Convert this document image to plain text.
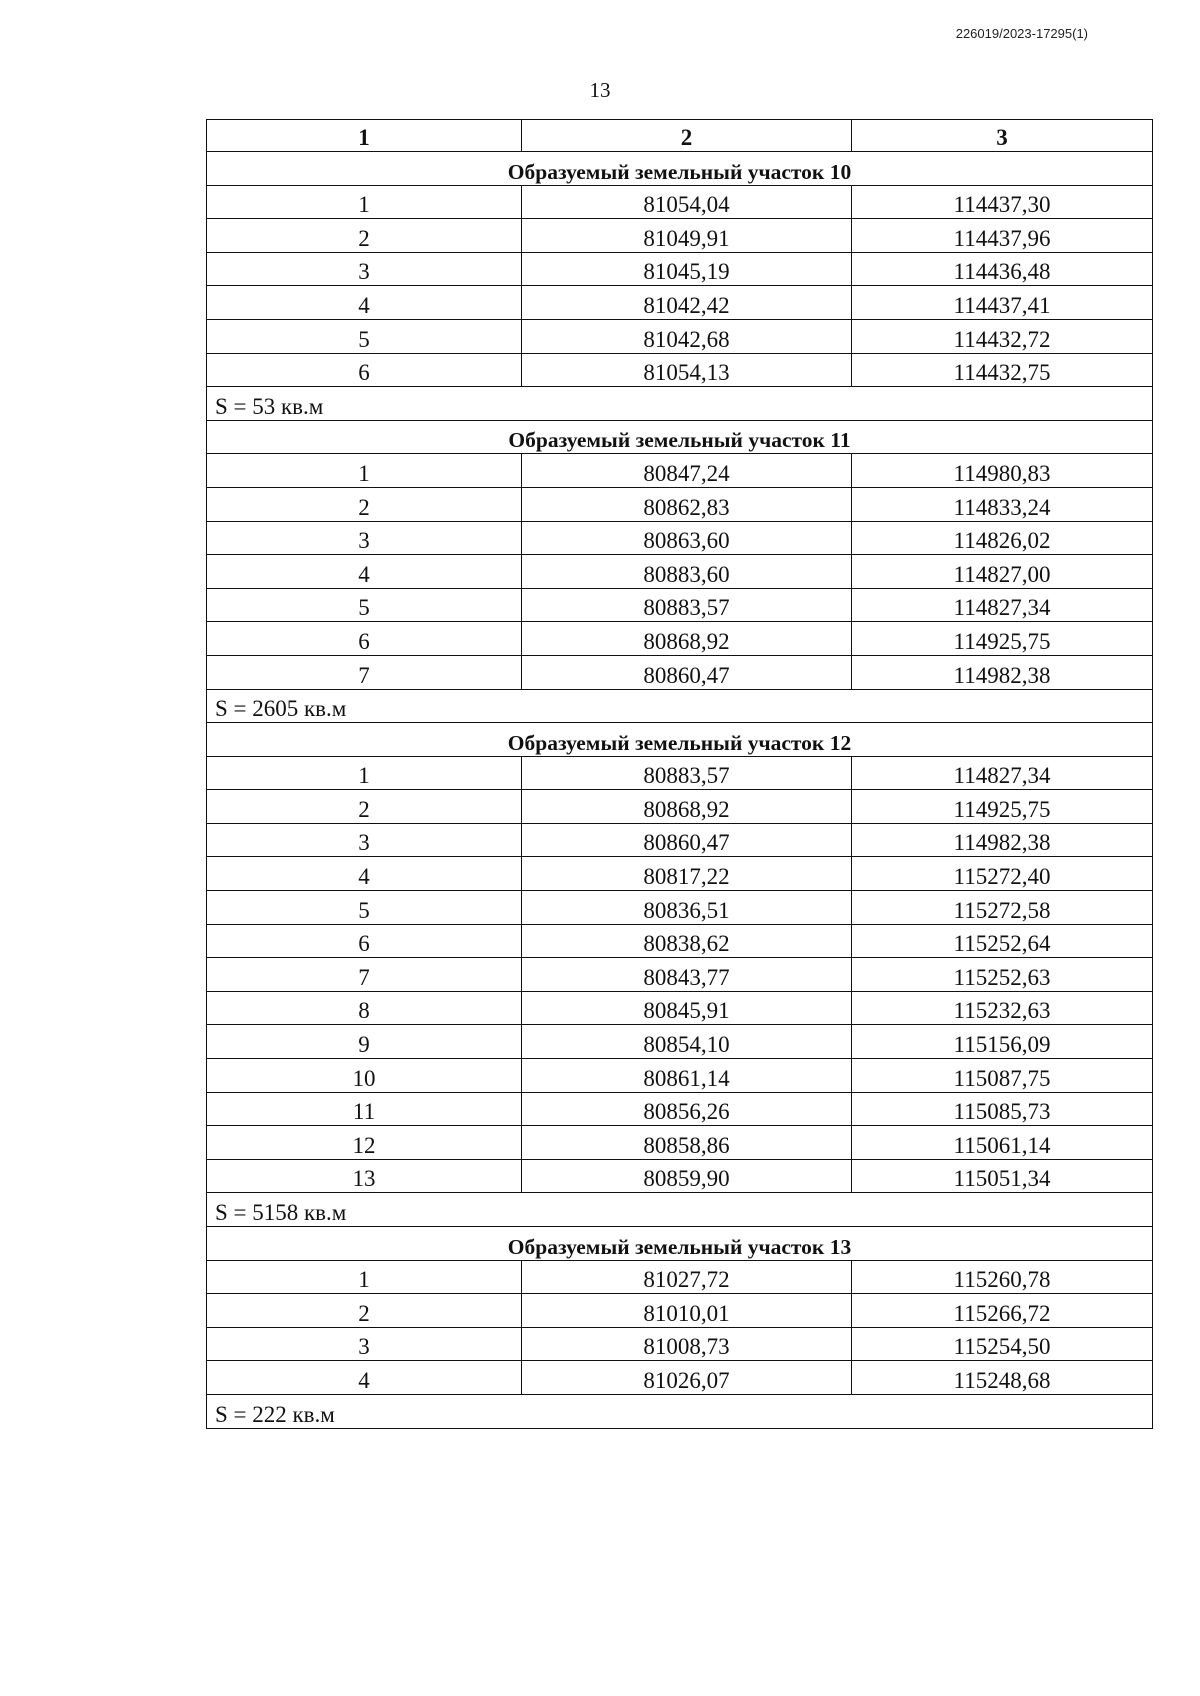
226019/2023-17295(1)
13
1	2	3
Образуемый земельный участок 10		
1	81054,04	114437,30
2	81049,91	114437,96
3	81045,19	114436,48
4	81042,42	114437,41
5	81042,68	114432,72
6	81054,13	114432,75
S = 53 кв.м		
Образуемый земельный участок 11		
1	80847,24	114980,83
2	80862,83	114833,24
3	80863,60	114826,02
4	80883,60	114827,00
5	80883,57	114827,34
6	80868,92	114925,75
7	80860,47	114982,38
S = 2605 кв.м		
Образуемый земельный участок 12		
1	80883,57	114827,34
2	80868,92	114925,75
3	80860,47	114982,38
4	80817,22	115272,40
5	80836,51	115272,58
6	80838,62	115252,64
7	80843,77	115252,63
8	80845,91	115232,63
9	80854,10	115156,09
10	80861,14	115087,75
11	80856,26	115085,73
12	80858,86	115061,14
13	80859,90	115051,34
S = 5158 кв.м		
Образуемый земельный участок 13		
1	81027,72	115260,78
2	81010,01	115266,72
3	81008,73	115254,50
4	81026,07	115248,68
S = 222 кв.м		
